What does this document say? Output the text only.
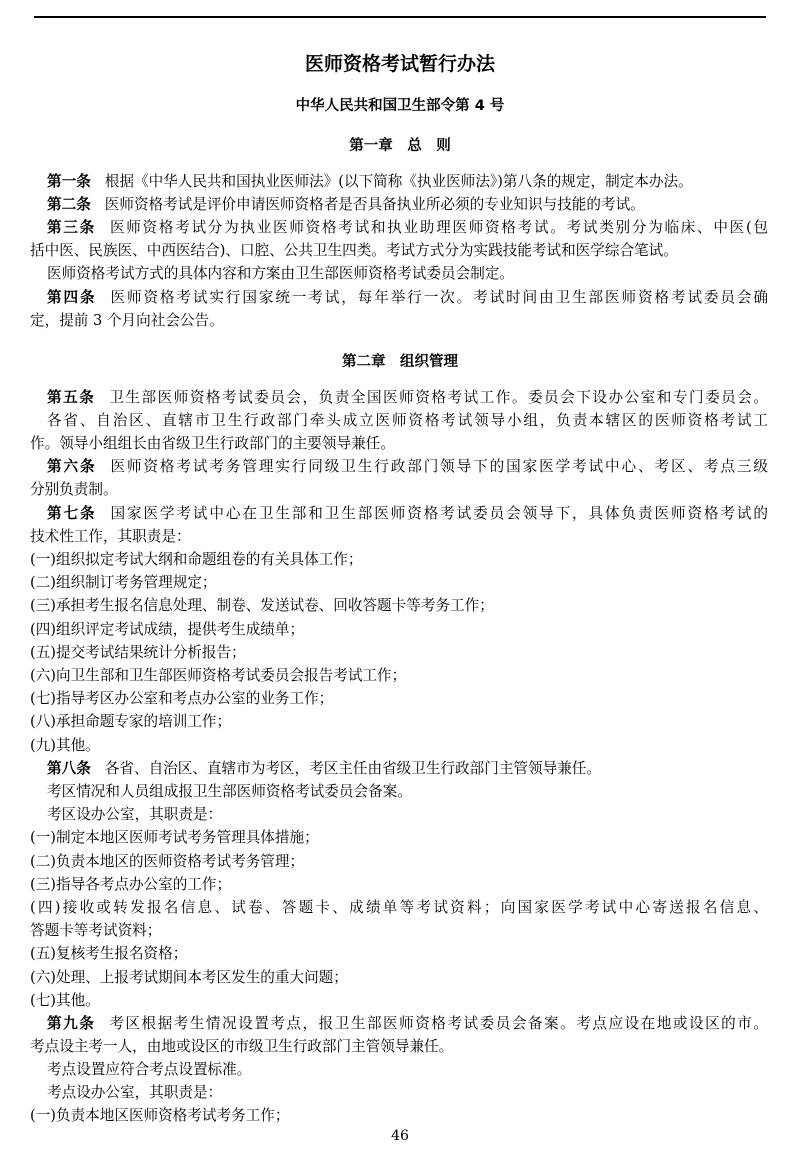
医师资格考试暂行办法
中华人民共和国卫生部令第 4 号
第一章　总　则
第一条 根据《中华人民共和国执业医师法》(以下简称《执业医师法》)第八条的规定，制定本办法。
第二条 医师资格考试是评价申请医师资格者是否具备执业所必须的专业知识与技能的考试。
第三条 医师资格考试分为执业医师资格考试和执业助理医师资格考试。考试类别分为临床、中医(包
括中医、民族医、中西医结合)、口腔、公共卫生四类。考试方式分为实践技能考试和医学综合笔试。
医师资格考试方式的具体内容和方案由卫生部医师资格考试委员会制定。
第四条 医师资格考试实行国家统一考试，每年举行一次。考试时间由卫生部医师资格考试委员会确
定，提前 3 个月向社会公告。
第二章　组织管理
第五条 卫生部医师资格考试委员会，负责全国医师资格考试工作。委员会下设办公室和专门委员会。
各省、自治区、直辖市卫生行政部门牵头成立医师资格考试领导小组，负责本辖区的医师资格考试工
作。领导小组组长由省级卫生行政部门的主要领导兼任。
第六条 医师资格考试考务管理实行同级卫生行政部门领导下的国家医学考试中心、考区、考点三级
分别负责制。
第七条 国家医学考试中心在卫生部和卫生部医师资格考试委员会领导下，具体负责医师资格考试的
技术性工作，其职责是：
(一)组织拟定考试大纲和命题组卷的有关具体工作；
(二)组织制订考务管理规定；
(三)承担考生报名信息处理、制卷、发送试卷、回收答题卡等考务工作；
(四)组织评定考试成绩，提供考生成绩单；
(五)提交考试结果统计分析报告；
(六)向卫生部和卫生部医师资格考试委员会报告考试工作；
(七)指导考区办公室和考点办公室的业务工作；
(八)承担命题专家的培训工作；
(九)其他。
第八条 各省、自治区、直辖市为考区，考区主任由省级卫生行政部门主管领导兼任。
考区情况和人员组成报卫生部医师资格考试委员会备案。
考区设办公室，其职责是：
(一)制定本地区医师考试考务管理具体措施；
(二)负责本地区的医师资格考试考务管理；
(三)指导各考点办公室的工作；
(四)接收或转发报名信息、试卷、答题卡、成绩单等考试资料；向国家医学考试中心寄送报名信息、
答题卡等考试资料；
(五)复核考生报名资格；
(六)处理、上报考试期间本考区发生的重大问题；
(七)其他。
第九条 考区根据考生情况设置考点，报卫生部医师资格考试委员会备案。考点应设在地或设区的市。
考点设主考一人，由地或设区的市级卫生行政部门主管领导兼任。
考点设置应符合考点设置标准。
考点设办公室，其职责是：
(一)负责本地区医师资格考试考务工作；
46
